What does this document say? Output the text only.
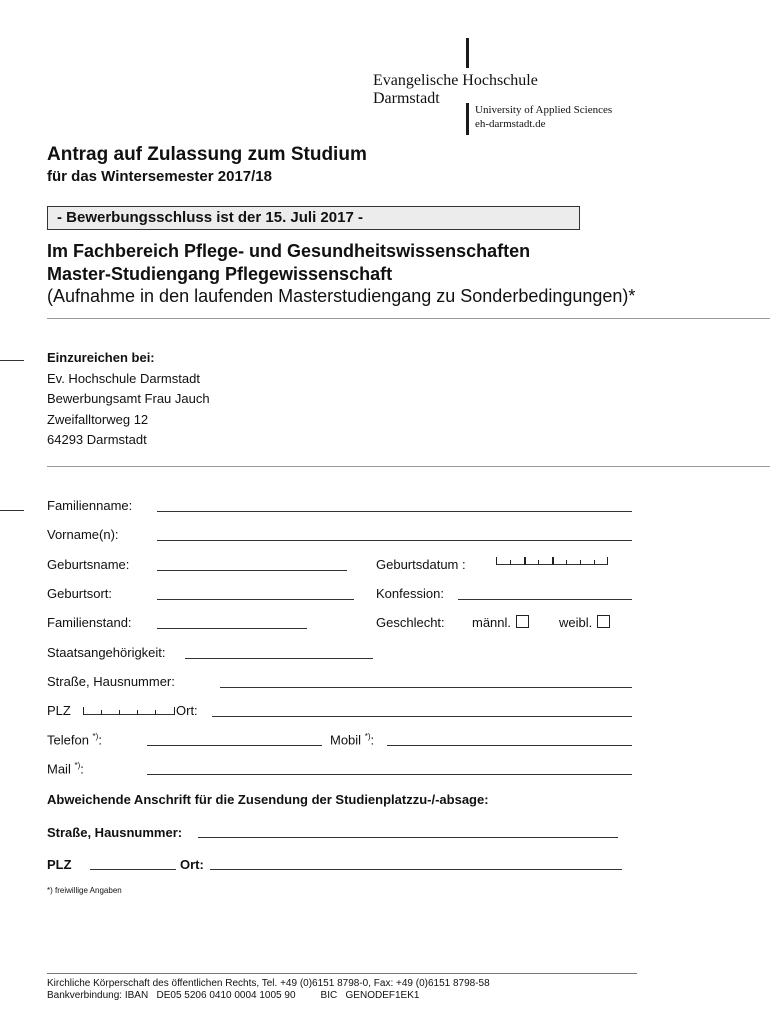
Evangelische Hochschule
Darmstadt
University of Applied Sciences
eh-darmstadt.de
Antrag auf Zulassung zum Studium
für das Wintersemester 2017/18
- Bewerbungsschluss ist der 15. Juli 2017 -
Im Fachbereich Pflege- und Gesundheitswissenschaften
Master-Studiengang Pflegewissenschaft
(Aufnahme in den laufenden Masterstudiengang zu Sonderbedingungen)*
Einzureichen bei:
Ev. Hochschule Darmstadt
Bewerbungsamt Frau Jauch
Zweifalltorweg 12
64293 Darmstadt
Familienname:
Vorname(n):
Geburtsname:	Geburtsdatum :
Geburtsort:	Konfession:
Familienstand:	Geschlecht: männl.	weibl.
Staatsangehörigkeit:
Straße, Hausnummer:
PLZ	Ort:
Telefon *):	Mobil *):
Mail *):
Abweichende Anschrift für die Zusendung der Studienplatzzu-/-absage:
Straße, Hausnummer:
PLZ	Ort:
*) freiwillige Angaben
Kirchliche Körperschaft des öffentlichen Rechts, Tel. +49 (0)6151 8798-0, Fax: +49 (0)6151 8798-58
Bankverbindung: IBAN   DE05 5206 0410 0004 1005 90         BIC   GENODEF1EK1
